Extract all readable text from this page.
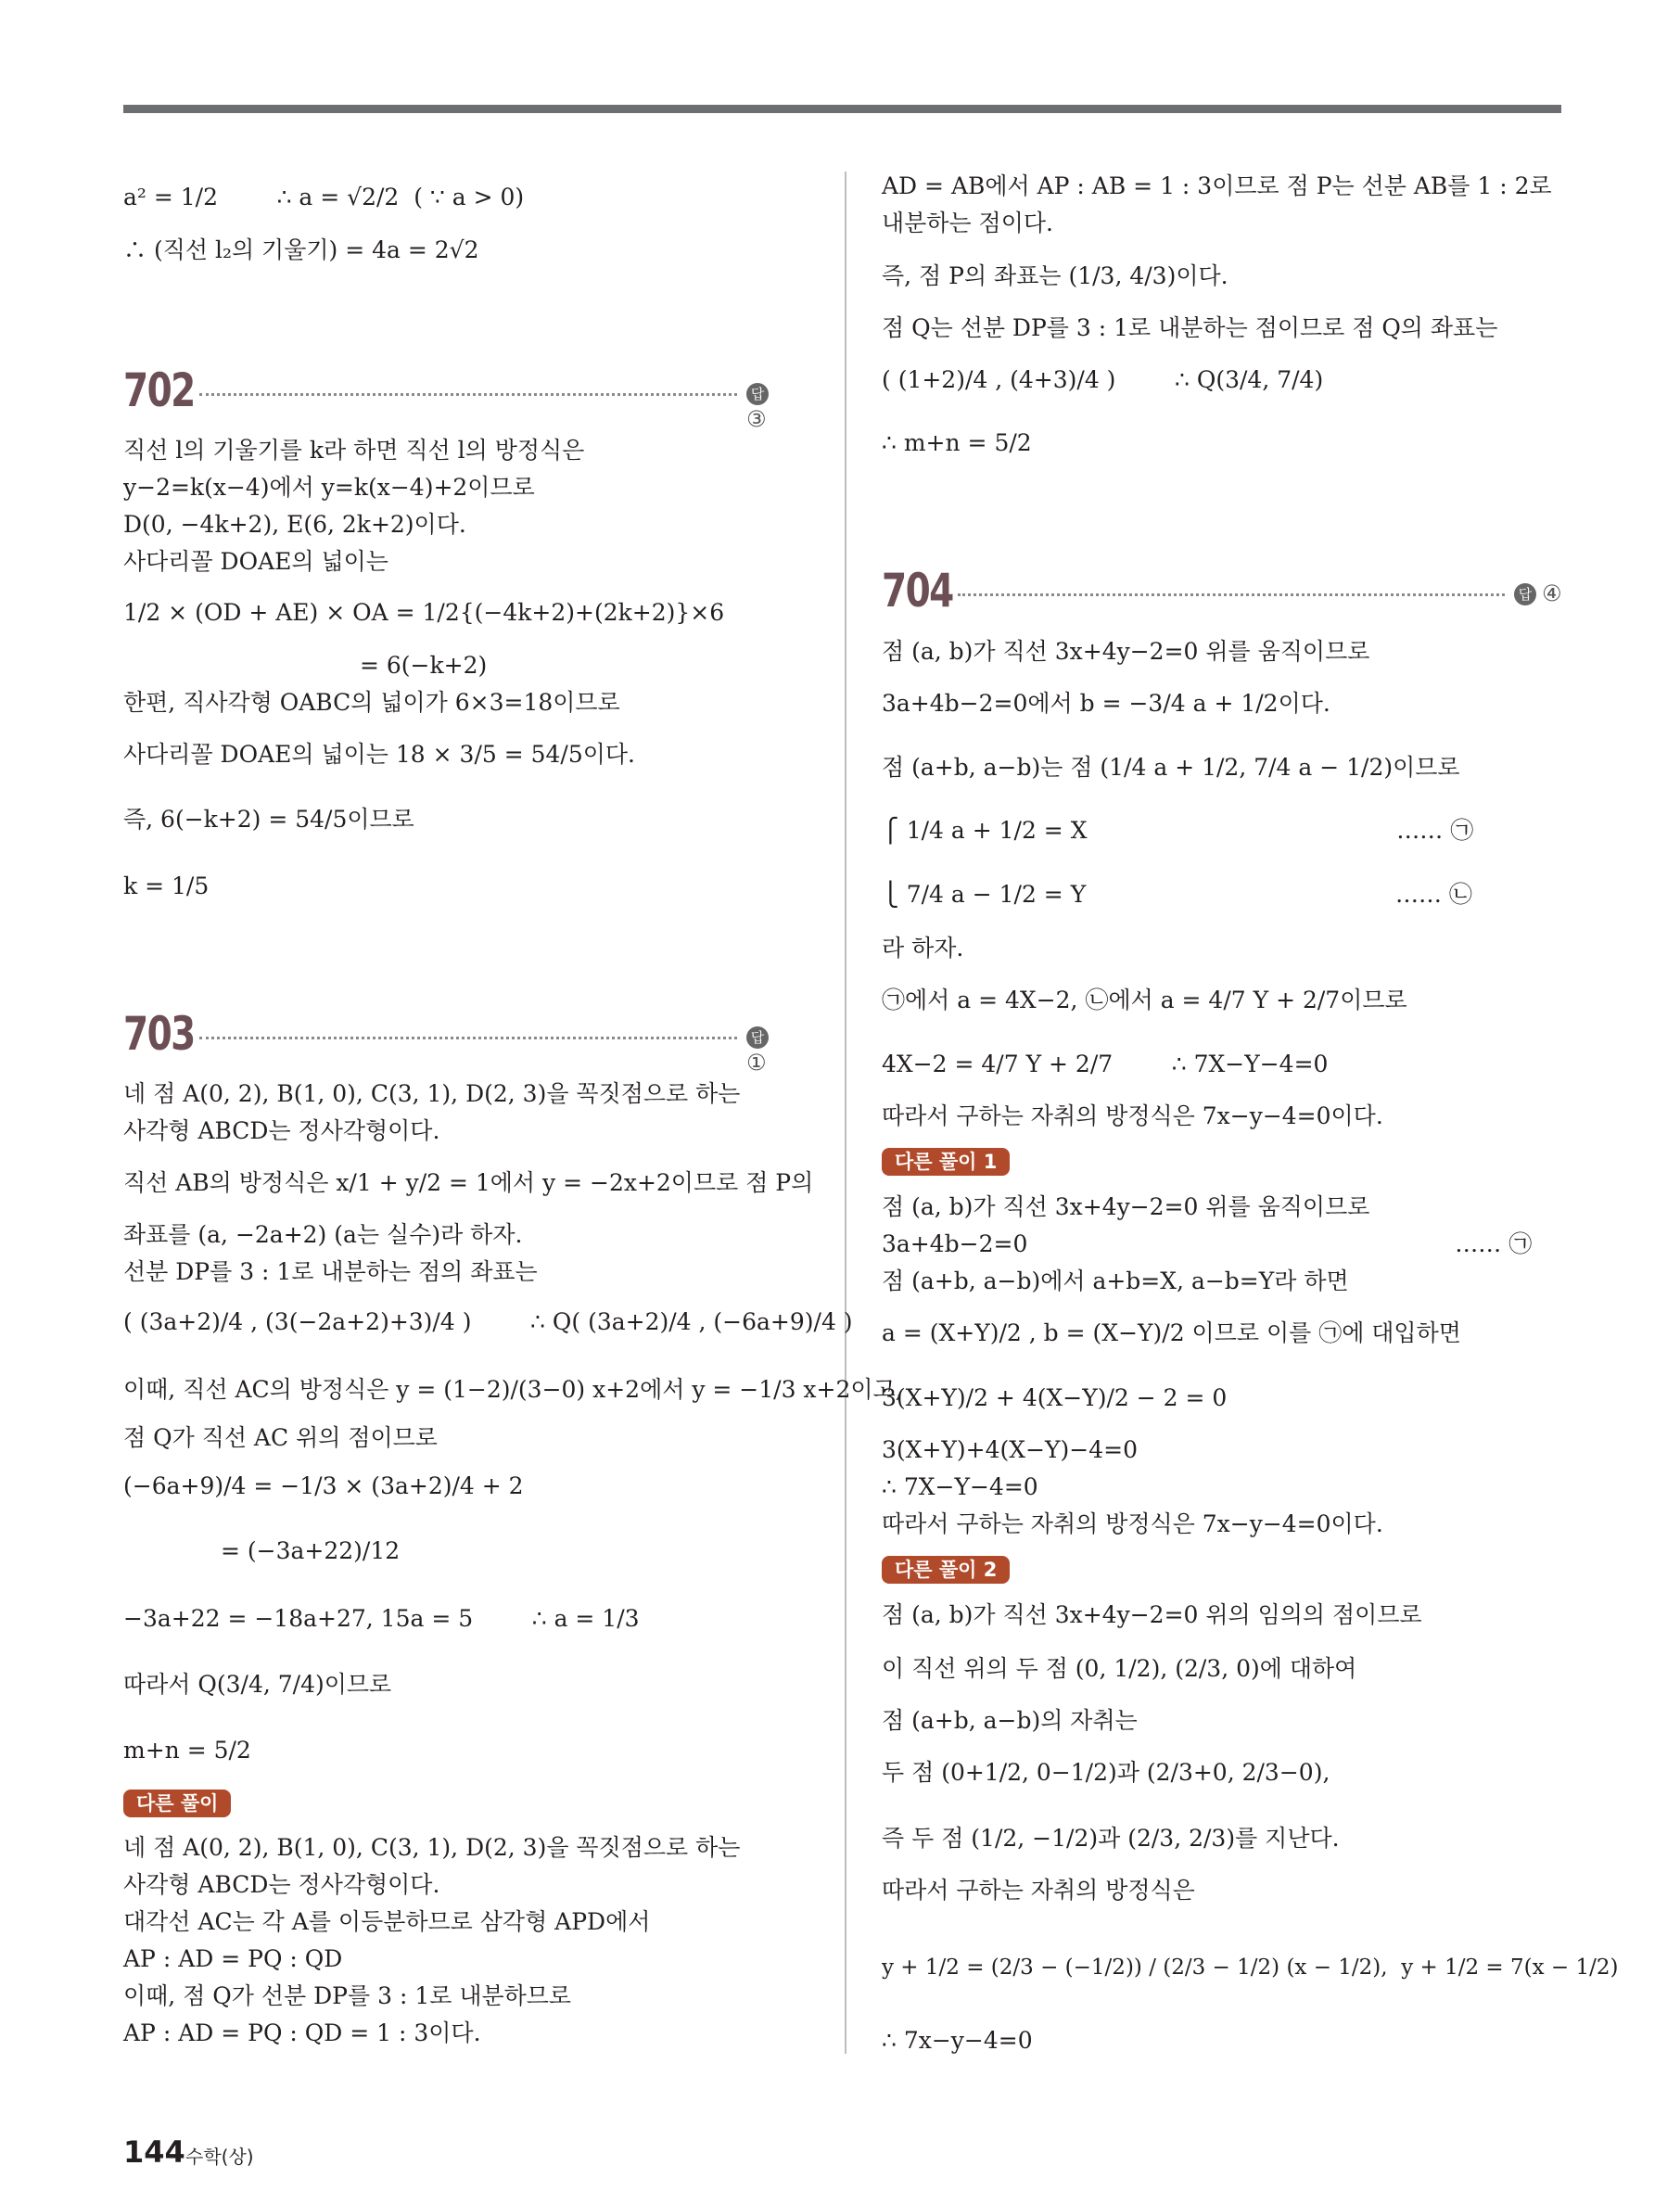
a² = 1/2        ∴ a = √2/2  ( ∵ a > 0)
∴ (직선 l₂의 기울기) = 4a = 2√2
702	답③
직선 l의 기울기를 k라 하면 직선 l의 방정식은
y−2=k(x−4)에서 y=k(x−4)+2이므로
D(0, −4k+2), E(6, 2k+2)이다.
사다리꼴 DOAE의 넓이는
1/2 × (OD + AE) × OA = 1/2{(−4k+2)+(2k+2)}×6
= 6(−k+2)
한편, 직사각형 OABC의 넓이가 6×3=18이므로
사다리꼴 DOAE의 넓이는 18 × 3/5 = 54/5이다.
즉, 6(−k+2) = 54/5이므로
k = 1/5
703	답①
네 점 A(0, 2), B(1, 0), C(3, 1), D(2, 3)을 꼭짓점으로 하는
사각형 ABCD는 정사각형이다.
직선 AB의 방정식은 x/1 + y/2 = 1에서 y = −2x+2이므로 점 P의
좌표를 (a, −2a+2) (a는 실수)라 하자.
선분 DP를 3 : 1로 내분하는 점의 좌표는
( (3a+2)/4 , (3(−2a+2)+3)/4 )        ∴ Q( (3a+2)/4 , (−6a+9)/4 )
이때, 직선 AC의 방정식은 y = (1−2)/(3−0) x+2에서 y = −1/3 x+2이고,
점 Q가 직선 AC 위의 점이므로
(−6a+9)/4 = −1/3 × (3a+2)/4 + 2
= (−3a+22)/12
−3a+22 = −18a+27, 15a = 5        ∴ a = 1/3
따라서 Q(3/4, 7/4)이므로
m+n = 5/2
다른 풀이
네 점 A(0, 2), B(1, 0), C(3, 1), D(2, 3)을 꼭짓점으로 하는
사각형 ABCD는 정사각형이다.
대각선 AC는 각 A를 이등분하므로 삼각형 APD에서
AP : AD = PQ : QD
이때, 점 Q가 선분 DP를 3 : 1로 내분하므로
AP : AD = PQ : QD = 1 : 3이다.
AD = AB에서 AP : AB = 1 : 3이므로 점 P는 선분 AB를 1 : 2로
내분하는 점이다.
즉, 점 P의 좌표는 (1/3, 4/3)이다.
점 Q는 선분 DP를 3 : 1로 내분하는 점이므로 점 Q의 좌표는
( (1+2)/4 , (4+3)/4 )        ∴ Q(3/4, 7/4)
∴ m+n = 5/2
704	답 ④
점 (a, b)가 직선 3x+4y−2=0 위를 움직이므로
3a+4b−2=0에서 b = −3/4 a + 1/2이다.
점 (a+b, a−b)는 점 (1/4 a + 1/2, 7/4 a − 1/2)이므로
⎧ 1/4 a + 1/2 = X                                          …… ㉠
⎩ 7/4 a − 1/2 = Y                                          …… ㉡
라 하자.
㉠에서 a = 4X−2, ㉡에서 a = 4/7 Y + 2/7이므로
4X−2 = 4/7 Y + 2/7        ∴ 7X−Y−4=0
따라서 구하는 자취의 방정식은 7x−y−4=0이다.
다른 풀이 1
점 (a, b)가 직선 3x+4y−2=0 위를 움직이므로
3a+4b−2=0                                                          …… ㉠
점 (a+b, a−b)에서 a+b=X, a−b=Y라 하면
a = (X+Y)/2 , b = (X−Y)/2 이므로 이를 ㉠에 대입하면
3(X+Y)/2 + 4(X−Y)/2 − 2 = 0
3(X+Y)+4(X−Y)−4=0
∴ 7X−Y−4=0
따라서 구하는 자취의 방정식은 7x−y−4=0이다.
다른 풀이 2
점 (a, b)가 직선 3x+4y−2=0 위의 임의의 점이므로
이 직선 위의 두 점 (0, 1/2), (2/3, 0)에 대하여
점 (a+b, a−b)의 자취는
두 점 (0+1/2, 0−1/2)과 (2/3+0, 2/3−0),
즉 두 점 (1/2, −1/2)과 (2/3, 2/3)를 지난다.
따라서 구하는 자취의 방정식은
y + 1/2 = (2/3 − (−1/2)) / (2/3 − 1/2) (x − 1/2),  y + 1/2 = 7(x − 1/2)
∴ 7x−y−4=0
144 수학(상)
